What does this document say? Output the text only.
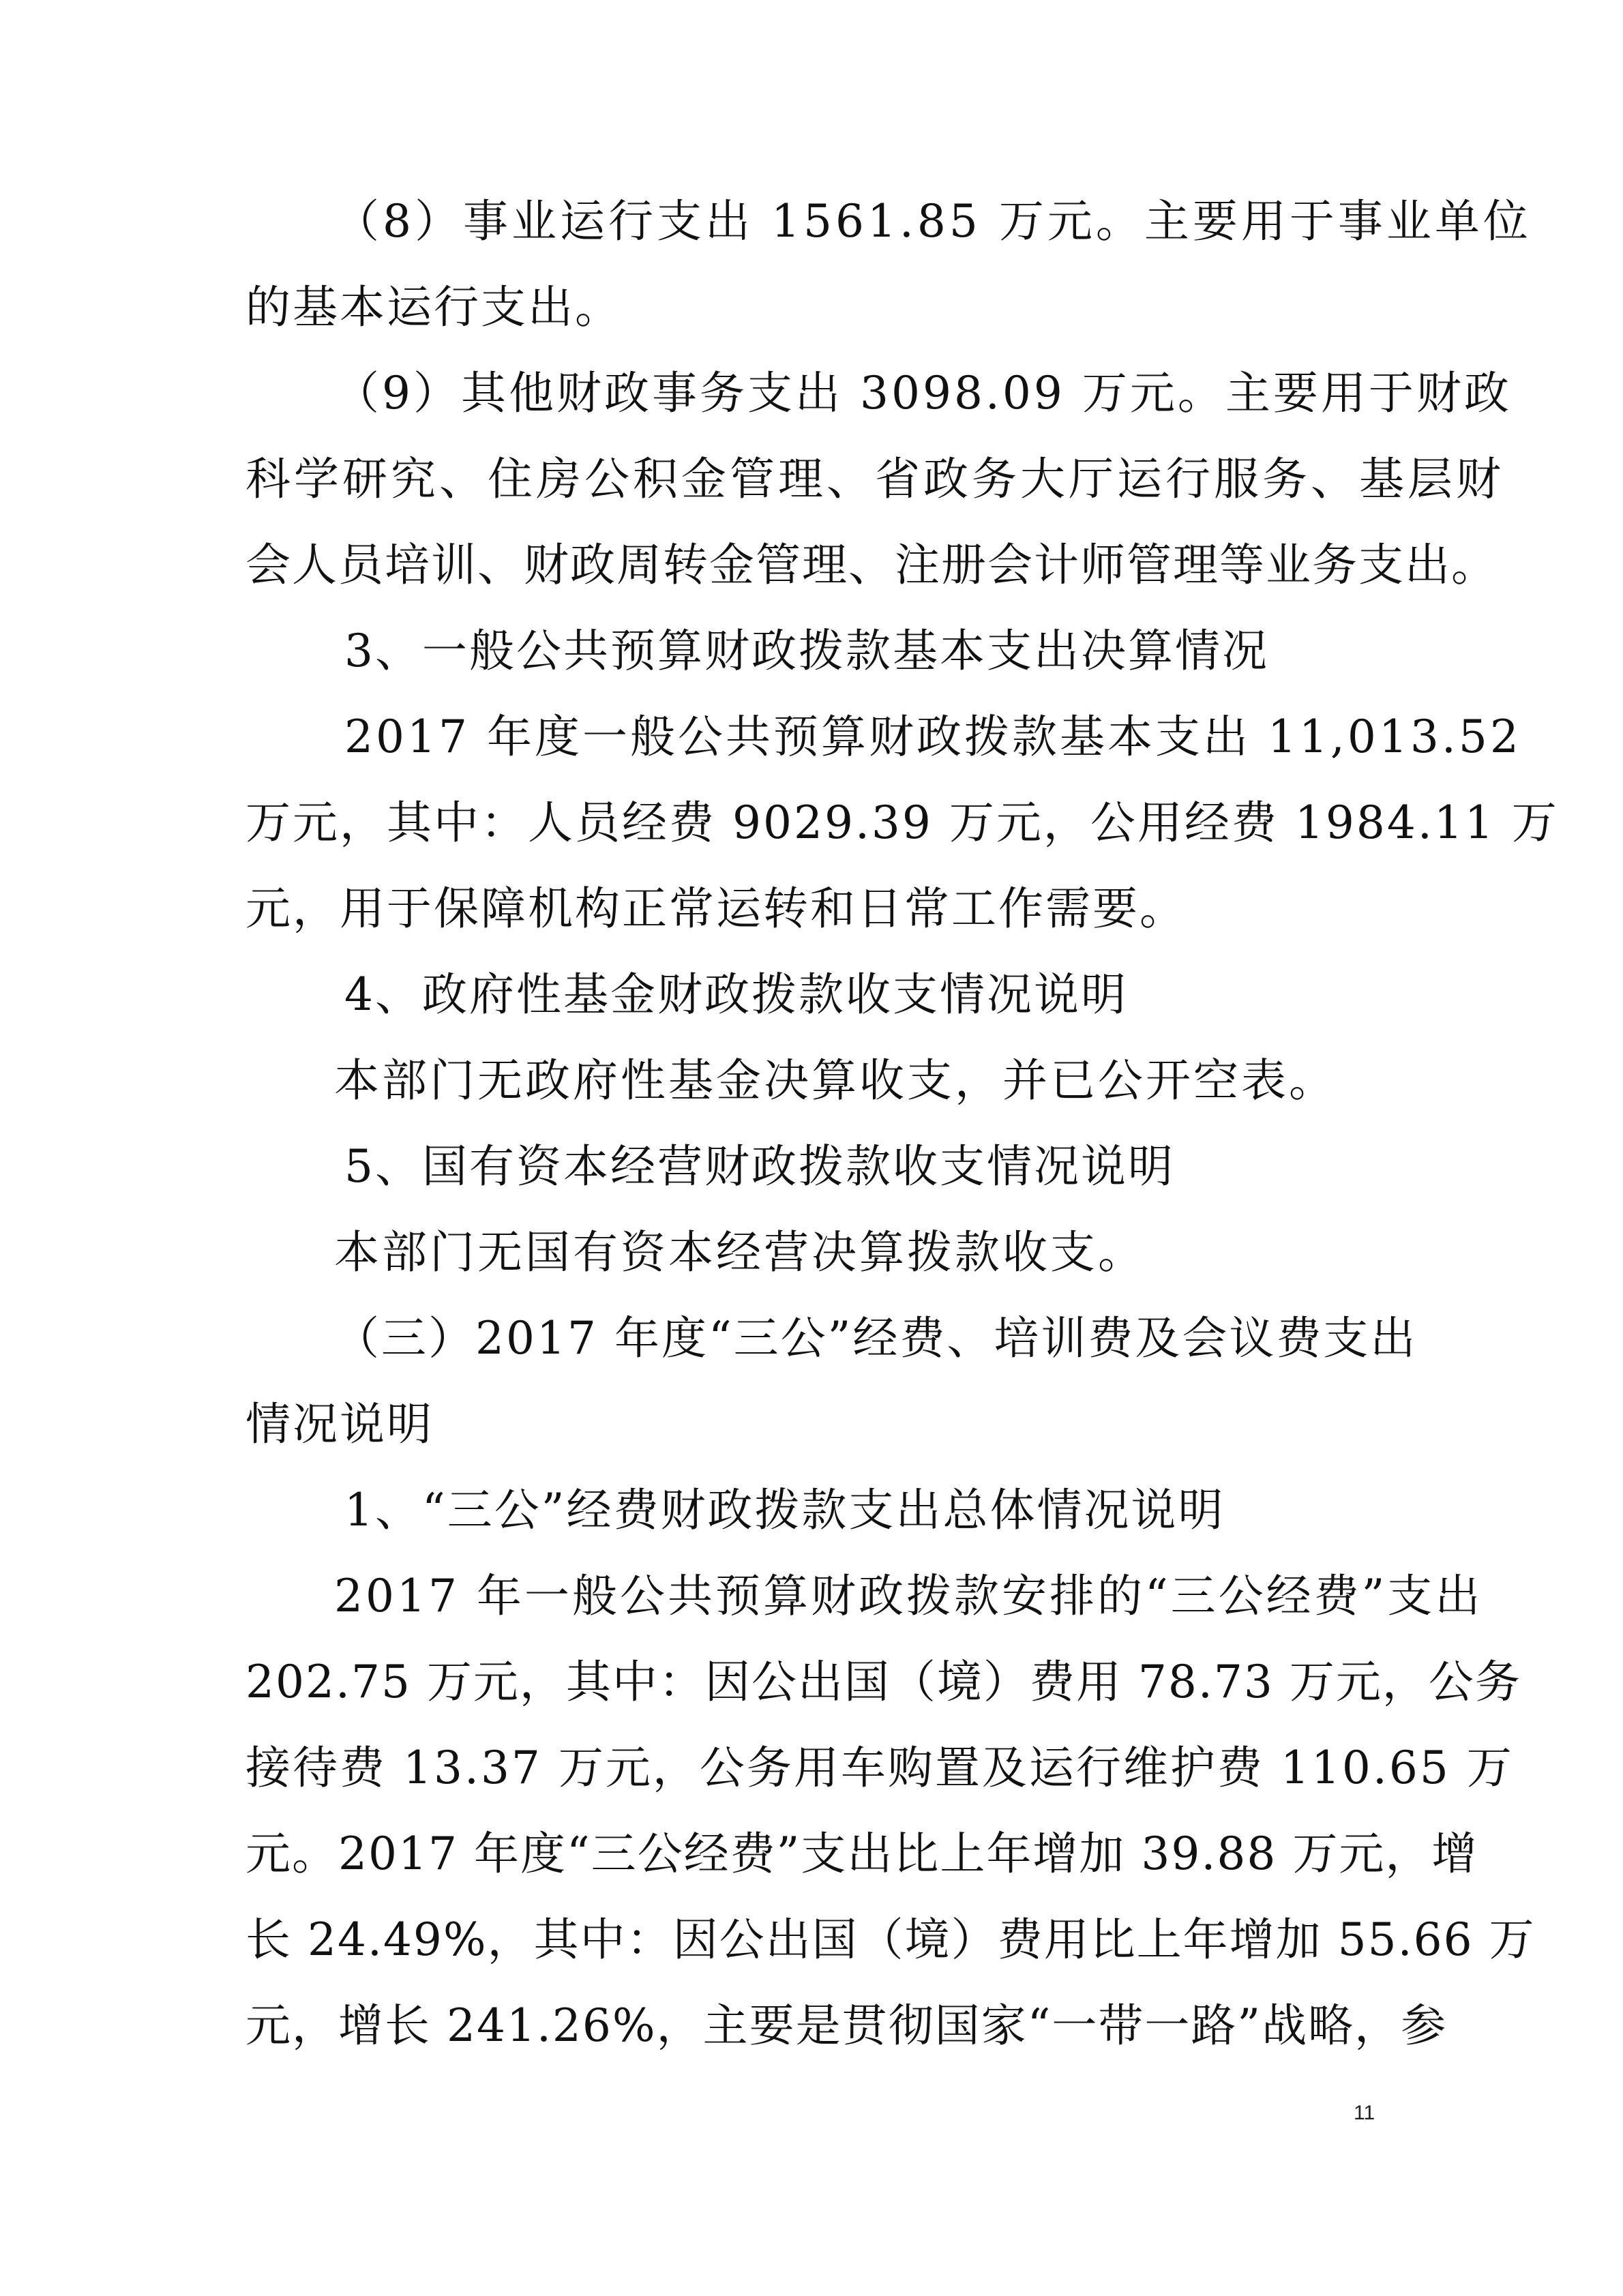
（8）事业运行支出 1561.85 万元。主要用于事业单位
的基本运行支出。
（9）其他财政事务支出 3098.09 万元。主要用于财政
科学研究、住房公积金管理、省政务大厅运行服务、基层财
会人员培训、财政周转金管理、注册会计师管理等业务支出。
3、一般公共预算财政拨款基本支出决算情况
2017 年度一般公共预算财政拨款基本支出 11,013.52
万元，其中：人员经费 9029.39 万元，公用经费 1984.11 万
元，用于保障机构正常运转和日常工作需要。
4、政府性基金财政拨款收支情况说明
本部门无政府性基金决算收支，并已公开空表。
5、国有资本经营财政拨款收支情况说明
本部门无国有资本经营决算拨款收支。
（三）2017 年度“三公”经费、培训费及会议费支出
情况说明
1、“三公”经费财政拨款支出总体情况说明
2017 年一般公共预算财政拨款安排的“三公经费”支出
202.75 万元，其中：因公出国（境）费用 78.73 万元，公务
接待费 13.37 万元，公务用车购置及运行维护费 110.65 万
元。2017 年度“三公经费”支出比上年增加 39.88 万元，增
长 24.49%，其中：因公出国（境）费用比上年增加 55.66 万
元，增长 241.26%，主要是贯彻国家“一带一路”战略，参
11
